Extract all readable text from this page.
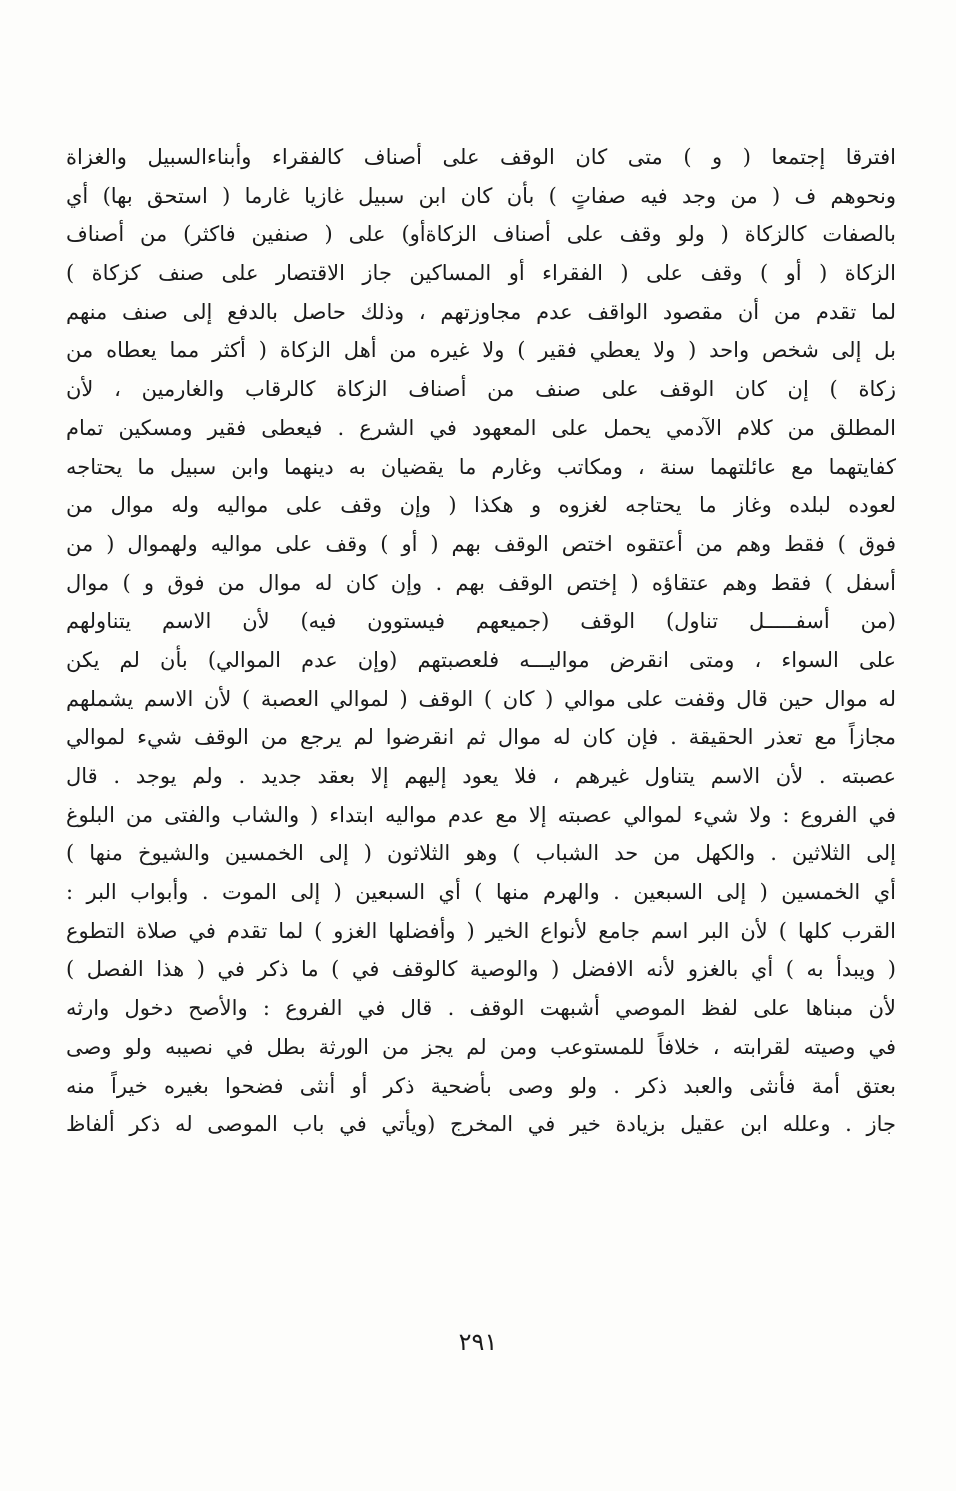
افترقا إجتمعا ( و ) متى كان الوقف على أصناف كالفقراء وأبناءالسبيل والغزاة
ونحوهم ف ( من وجد فيه صفاتٍ ) بأن كان ابن سبيل غازيا غارما ( استحق بها) أي
بالصفات كالزكاة ( ولو وقف على أصناف الزكاةأو) على ( صنفين فاكثر) من أصناف
الزكاة ( أو ) وقف على ( الفقراء أو المساكين جاز الاقتصار على صنف كزكاة )
لما تقدم من أن مقصود الواقف عدم مجاوزتهم ، وذلك حاصل بالدفع إلى صنف منهم
بل إلى شخص واحد ( ولا يعطي فقير ) ولا غيره من أهل الزكاة ( أكثر مما يعطاه من
زكاة ) إن كان الوقف على صنف من أصناف الزكاة كالرقاب والغارمين ، لأن
المطلق من كلام الآدمي يحمل على المعهود في الشرع . فيعطى فقير ومسكين تمام
كفايتهما مع عائلتهما سنة ، ومكاتب وغارم ما يقضيان به دينهما وابن سبيل ما يحتاجه
لعوده لبلده وغاز ما يحتاجه لغزوه و هكذا ( وإن وقف على مواليه وله موال من
فوق ) فقط وهم من أعتقوه اختص الوقف بهم ( أو ) وقف على مواليه ولهموال ( من
أسفل ) فقط وهم عتقاؤه ( إختص الوقف بهم . وإن كان له موال من فوق و ) موال
(من أسفـــــل تناول) الوقف (جميعهم فيستوون فيه) لأن الاسم يتناولهم
على السواء ، ومتى انقرض مواليـــه فلعصبتهم (وإن عدم الموالي) بأن لم يكن
له موال حين قال وقفت على موالي ( كان ) الوقف ( لموالي العصبة ) لأن الاسم يشملهم
مجازاً مع تعذر الحقيقة . فإن كان له موال ثم انقرضوا لم يرجع من الوقف شيء لموالي
عصبته . لأن الاسم يتناول غيرهم ، فلا يعود إليهم إلا بعقد جديد . ولم يوجد . قال
في الفروع : ولا شيء لموالي عصبته إلا مع عدم مواليه ابتداء ( والشاب والفتى من البلوغ
إلى الثلاثين . والكهل من حد الشباب ) وهو الثلاثون ( إلى الخمسين والشيوخ منها )
أي الخمسين ( إلى السبعين . والهرم منها ) أي السبعين ( إلى الموت . وأبواب البر :
القرب كلها ) لأن البر اسم جامع لأنواع الخير ( وأفضلها الغزو ) لما تقدم في صلاة التطوع
( ويبدأ به ) أي بالغزو لأنه الافضل ( والوصية كالوقف في ) ما ذكر في ( هذا الفصل )
لأن مبناها على لفظ الموصي أشبهت الوقف . قال في الفروع : والأصح دخول وارثه
في وصيته لقرابته ، خلافاً للمستوعب ومن لم يجز من الورثة بطل في نصيبه ولو وصى
بعتق أمة فأنثى والعبد ذكر . ولو وصى بأضحية ذكر أو أنثى فضحوا بغيره خيراً منه
جاز . وعلله ابن عقيل بزيادة خير في المخرج (ويأتي في باب الموصى له ذكر ألفاظ
٢٩١
